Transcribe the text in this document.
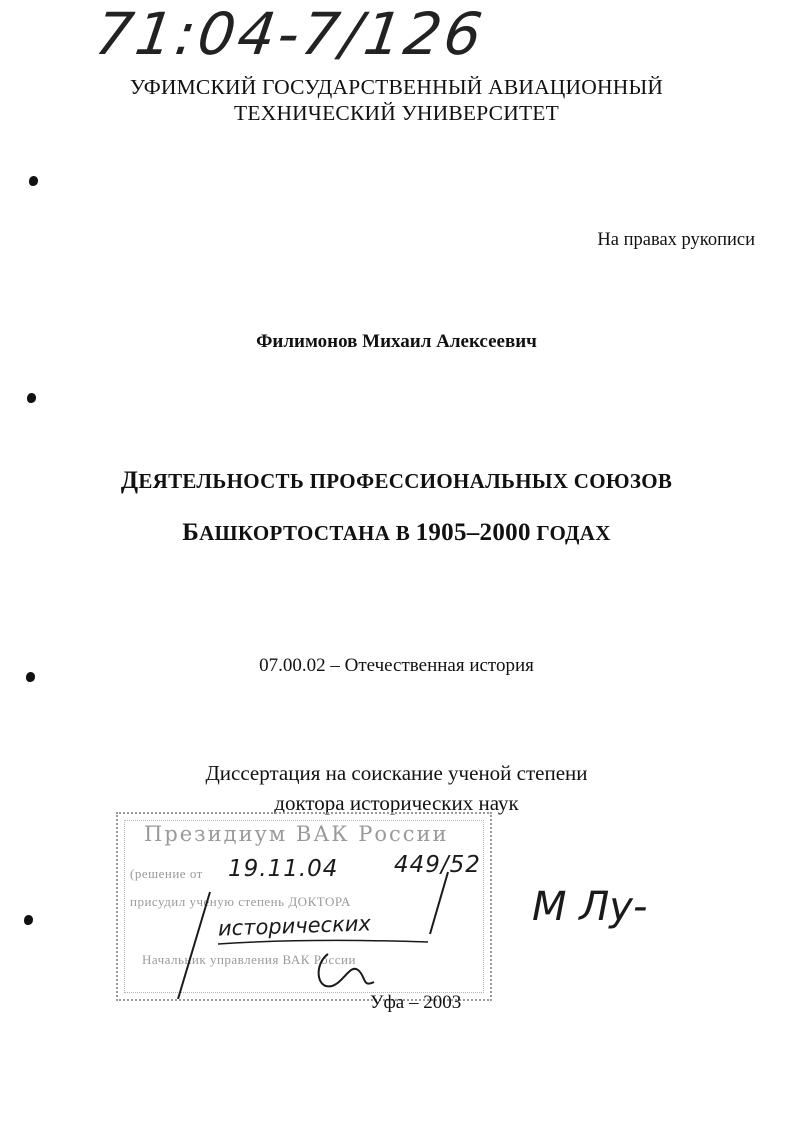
71:04-7/126
УФИМСКИЙ ГОСУДАРСТВЕННЫЙ АВИАЦИОННЫЙ
ТЕХНИЧЕСКИЙ УНИВЕРСИТЕТ
На правах рукописи
Филимонов Михаил Алексеевич
ДЕЯТЕЛЬНОСТЬ ПРОФЕССИОНАЛЬНЫХ СОЮЗОВ
БАШКОРТОСТАНА В 1905–2000 ГОДАХ
07.00.02 – Отечественная история
Диссертация на соискание ученой степени
доктора исторических наук
Президиум ВАК России
(решение от 19.11.04 449/52
присудил ученую степень ДОКТОРА
исторических
Начальник управления ВАК России
Уфа – 2003
М Лу-
